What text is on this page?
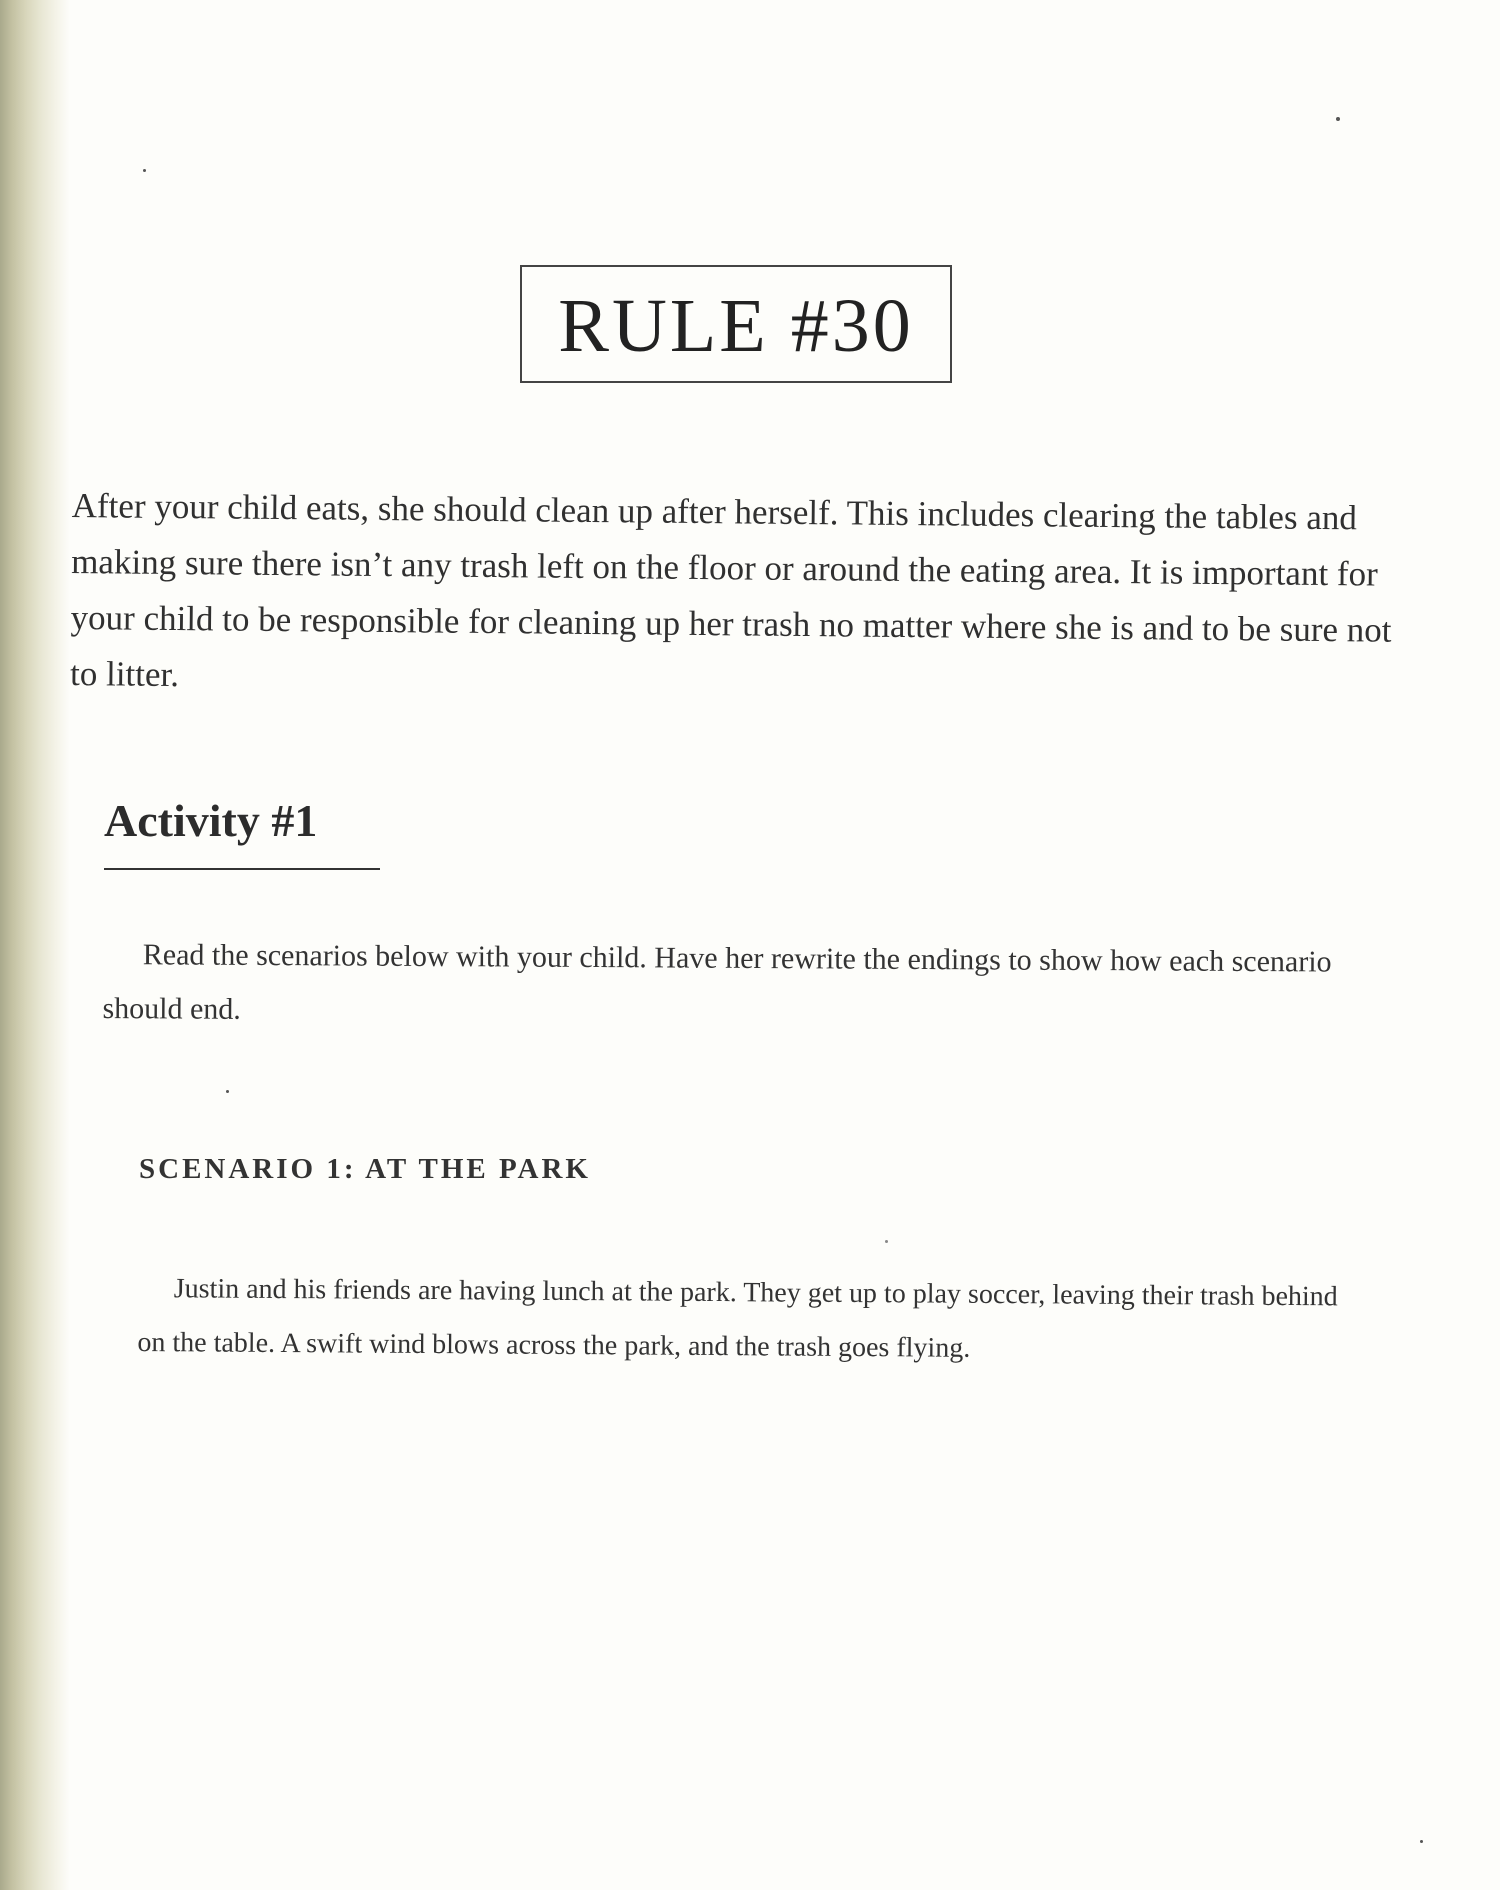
RULE #30

After your child eats, she should clean up after herself. This includes clearing the tables and making sure there isn’t any trash left on the floor or around the eating area. It is important for your child to be responsible for cleaning up her trash no matter where she is and to be sure not to litter.

Activity #1

Read the scenarios below with your child. Have her rewrite the endings to show how each scenario should end.

SCENARIO 1: AT THE PARK

Justin and his friends are having lunch at the park. They get up to play soccer, leaving their trash behind on the table. A swift wind blows across the park, and the trash goes flying.
